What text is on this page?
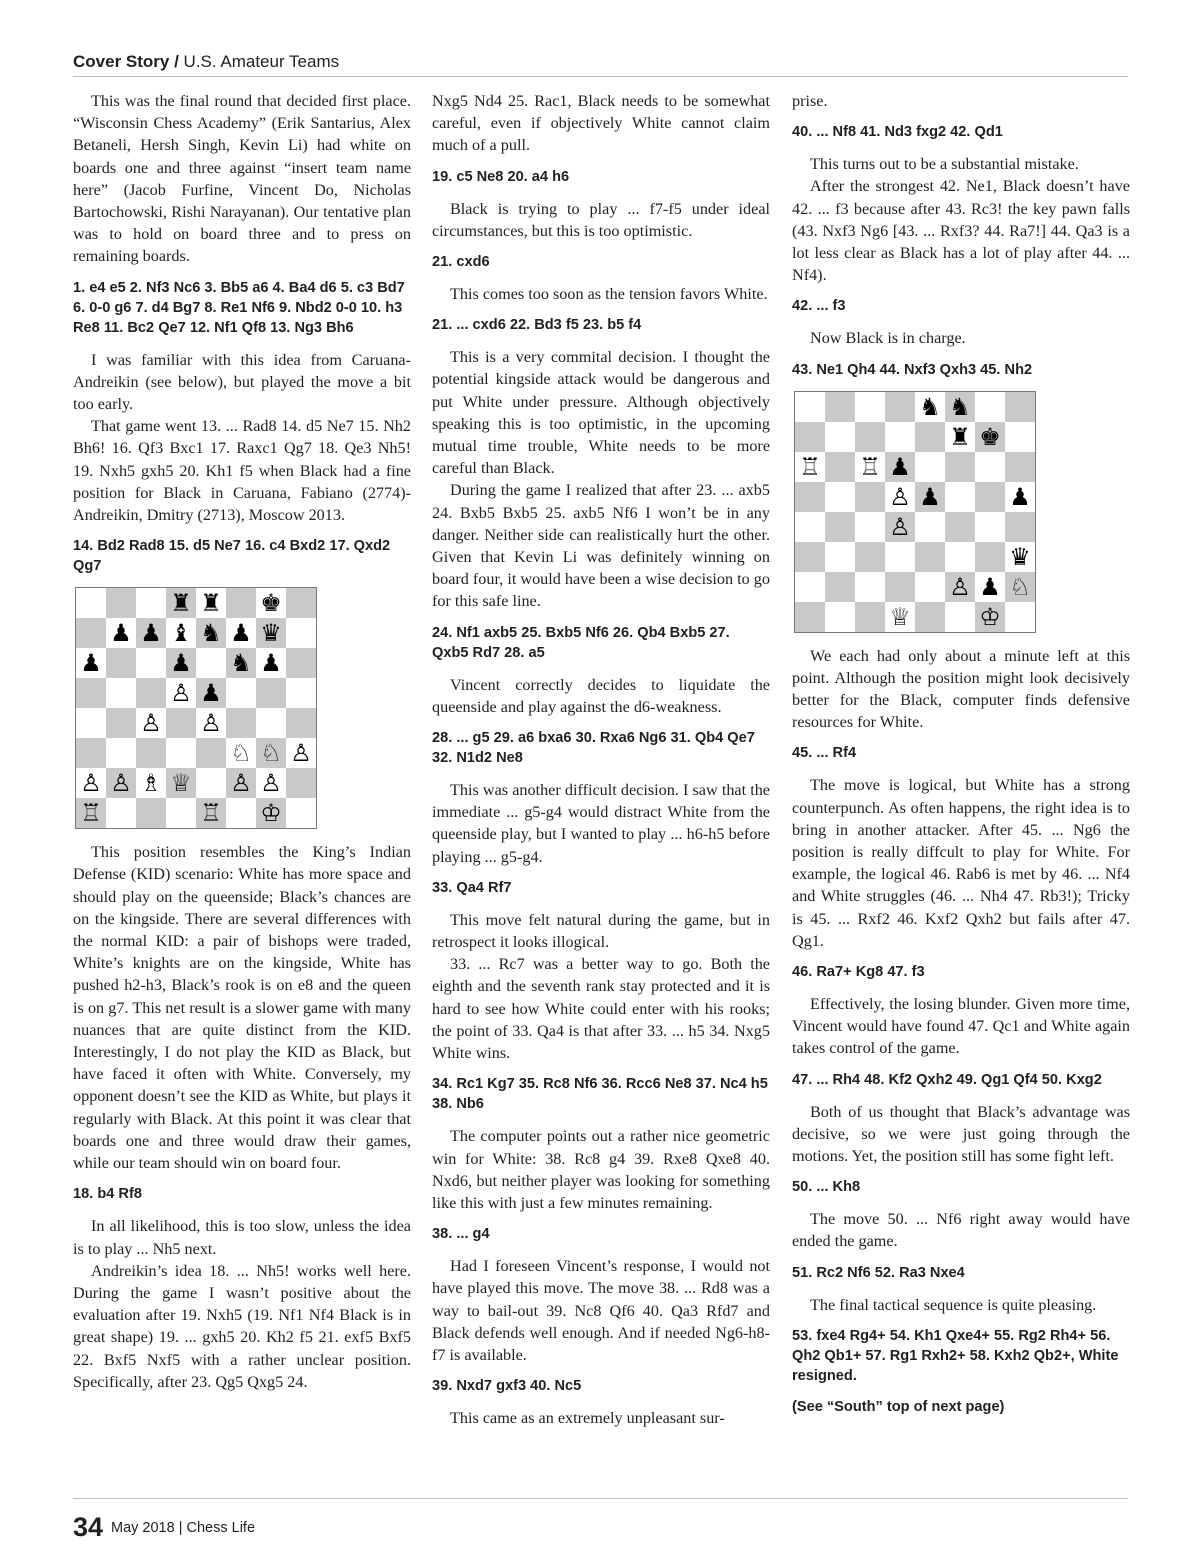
Cover Story / U.S. Amateur Teams

This was the final round that decided first place. “Wisconsin Chess Academy” (Erik Santarius, Alex Betaneli, Hersh Singh, Kevin Li) had white on boards one and three against “insert team name here” (Jacob Furfine, Vincent Do, Nicholas Bartochowski, Rishi Narayanan). Our tentative plan was to hold on board three and to press on remaining boards.

1. e4 e5 2. Nf3 Nc6 3. Bb5 a6 4. Ba4 d6 5. c3 Bd7 6. 0-0 g6 7. d4 Bg7 8. Re1 Nf6 9. Nbd2 0-0 10. h3 Re8 11. Bc2 Qe7 12. Nf1 Qf8 13. Ng3 Bh6

I was familiar with this idea from Caruana-Andreikin (see below), but played the move a bit too early.

That game went 13. ... Rad8 14. d5 Ne7 15. Nh2 Bh6! 16. Qf3 Bxc1 17. Raxc1 Qg7 18. Qe3 Nh5! 19. Nxh5 gxh5 20. Kh1 f5 when Black had a fine position for Black in Caruana, Fabiano (2774)-Andreikin, Dmitry (2713), Moscow 2013.

14. Bd2 Rad8 15. d5 Ne7 16. c4 Bxd2 17. Qxd2 Qg7
♜ ♜ ♚
♟ ♟ ♝ ♞ ♟ ♛
♟	♟ ♞ ♟
♙ ♟
♙ ♙
♘ ♘ ♙
♙ ♙ ♗ ♕ ♙ ♙
♖	♖ ♔

This position resembles the King’s Indian Defense (KID) scenario: White has more space and should play on the queenside; Black’s chances are on the kingside. There are several differences with the normal KID: a pair of bishops were traded, White’s knights are on the kingside, White has pushed h2-h3, Black’s rook is on e8 and the queen is on g7. This net result is a slower game with many nuances that are quite distinct from the KID. Interestingly, I do not play the KID as Black, but have faced it often with White. Conversely, my opponent doesn’t see the KID as White, but plays it regularly with Black. At this point it was clear that boards one and three would draw their games, while our team should win on board four.

18. b4 Rf8

In all likelihood, this is too slow, unless the idea is to play ... Nh5 next.

Andreikin’s idea 18. ... Nh5! works well here. During the game I wasn’t positive about the evaluation after 19. Nxh5 (19. Nf1 Nf4 Black is in great shape) 19. ... gxh5 20. Kh2 f5 21. exf5 Bxf5 22. Bxf5 Nxf5 with a rather unclear position. Specifically, after 23. Qg5 Qxg5 24.

Nxg5 Nd4 25. Rac1, Black needs to be somewhat careful, even if objectively White cannot claim much of a pull.

19. c5 Ne8 20. a4 h6

Black is trying to play ... f7-f5 under ideal circumstances, but this is too optimistic.

21. cxd6

This comes too soon as the tension favors White.

21. ... cxd6 22. Bd3 f5 23. b5 f4

This is a very commital decision. I thought the potential kingside attack would be dangerous and put White under pressure. Although objectively speaking this is too optimistic, in the upcoming mutual time trouble, White needs to be more careful than Black.

During the game I realized that after 23. ... axb5 24. Bxb5 Bxb5 25. axb5 Nf6 I won’t be in any danger. Neither side can realistically hurt the other. Given that Kevin Li was definitely winning on board four, it would have been a wise decision to go for this safe line.

24. Nf1 axb5 25. Bxb5 Nf6 26. Qb4 Bxb5 27. Qxb5 Rd7 28. a5

Vincent correctly decides to liquidate the queenside and play against the d6-weakness.

28. ... g5 29. a6 bxa6 30. Rxa6 Ng6 31. Qb4 Qe7 32. N1d2 Ne8

This was another difficult decision. I saw that the immediate ... g5-g4 would distract White from the queenside play, but I wanted to play ... h6-h5 before playing ... g5-g4.

33. Qa4 Rf7

This move felt natural during the game, but in retrospect it looks illogical.

33. ... Rc7 was a better way to go. Both the eighth and the seventh rank stay protected and it is hard to see how White could enter with his rooks; the point of 33. Qa4 is that after 33. ... h5 34. Nxg5 White wins.

34. Rc1 Kg7 35. Rc8 Nf6 36. Rcc6 Ne8 37. Nc4 h5 38. Nb6

The computer points out a rather nice geometric win for White: 38. Rc8 g4 39. Rxe8 Qxe8 40. Nxd6, but neither player was looking for something like this with just a few minutes remaining.

38. ... g4

Had I foreseen Vincent’s response, I would not have played this move. The move 38. ... Rd8 was a way to bail-out 39. Nc8 Qf6 40. Qa3 Rfd7 and Black defends well enough. And if needed Ng6-h8-f7 is available.

39. Nxd7 gxf3 40. Nc5

This came as an extremely unpleasant sur-

prise.

40. ... Nf8 41. Nd3 fxg2 42. Qd1

This turns out to be a substantial mistake.

After the strongest 42. Ne1, Black doesn’t have 42. ... f3 because after 43. Rc3! the key pawn falls (43. Nxf3 Ng6 [43. ... Rxf3? 44. Ra7!] 44. Qa3 is a lot less clear as Black has a lot of play after 44. ... Nf4).

42. ... f3

Now Black is in charge.

43. Ne1 Qh4 44. Nxf3 Qxh3 45. Nh2
♞ ♞
♜ ♚
♖ ♖ ♟
♙ ♟	♟
♙
♛
♙ ♟ ♘
♕	♔

We each had only about a minute left at this point. Although the position might look decisively better for the Black, computer finds defensive resources for White.

45. ... Rf4

The move is logical, but White has a strong counterpunch. As often happens, the right idea is to bring in another attacker. After 45. ... Ng6 the position is really diffcult to play for White. For example, the logical 46. Rab6 is met by 46. ... Nf4 and White struggles (46. ... Nh4 47. Rb3!); Tricky is 45. ... Rxf2 46. Kxf2 Qxh2 but fails after 47. Qg1.

46. Ra7+ Kg8 47. f3

Effectively, the losing blunder. Given more time, Vincent would have found 47. Qc1 and White again takes control of the game.

47. ... Rh4 48. Kf2 Qxh2 49. Qg1 Qf4 50. Kxg2

Both of us thought that Black’s advantage was decisive, so we were just going through the motions. Yet, the position still has some fight left.

50. ... Kh8

The move 50. ... Nf6 right away would have ended the game.

51. Rc2 Nf6 52. Ra3 Nxe4

The final tactical sequence is quite pleasing.

53. fxe4 Rg4+ 54. Kh1 Qxe4+ 55. Rg2 Rh4+ 56. Qh2 Qb1+ 57. Rg1 Rxh2+ 58. Kxh2 Qb2+, White resigned.
(See “South” top of next page)
34 May 2018 | Chess Life
